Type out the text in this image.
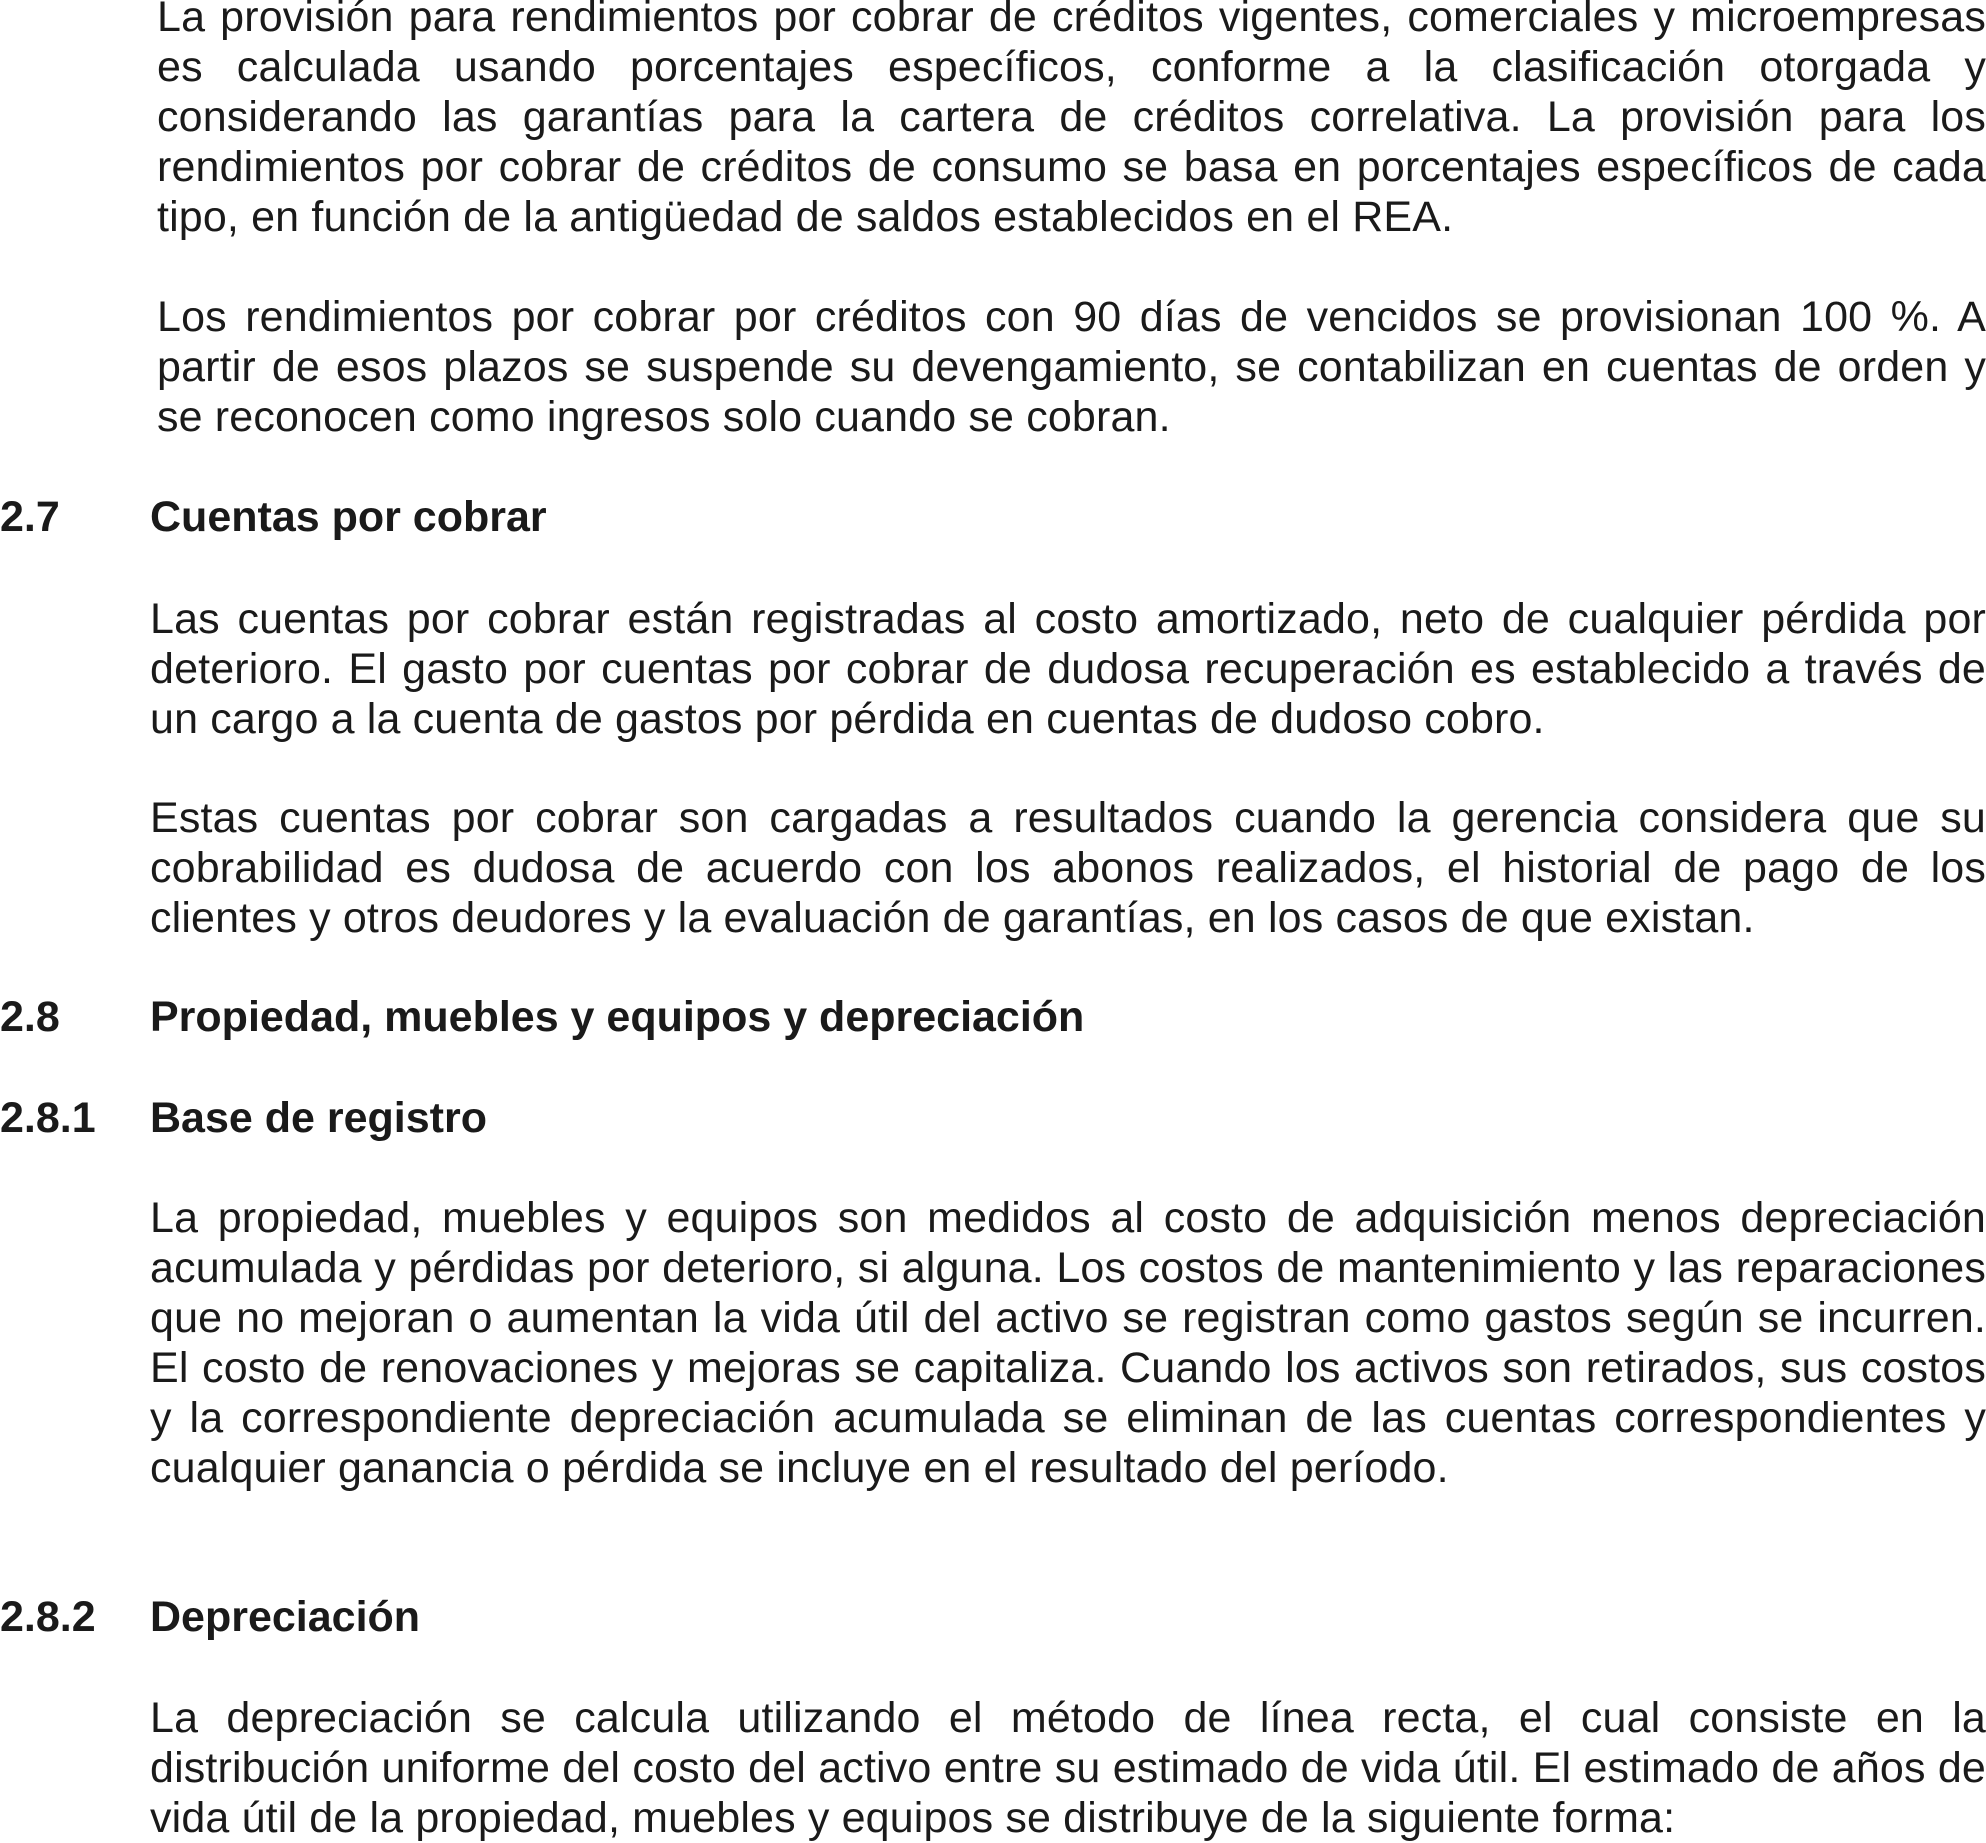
La provisión para rendimientos por cobrar de créditos vigentes, comerciales y microempresas es calculada usando porcentajes específicos, conforme a la clasificación otorgada y considerando las garantías para la cartera de créditos correlativa. La provisión para los rendimientos por cobrar de créditos de consumo se basa en porcentajes específicos de cada tipo, en función de la antigüedad de saldos establecidos en el REA.

Los rendimientos por cobrar por créditos con 90 días de vencidos se provisionan 100 %. A partir de esos plazos se suspende su devengamiento, se contabilizan en cuentas de orden y se reconocen como ingresos solo cuando se cobran.

2.7 Cuentas por cobrar

Las cuentas por cobrar están registradas al costo amortizado, neto de cualquier pérdida por deterioro. El gasto por cuentas por cobrar de dudosa recuperación es establecido a través de un cargo a la cuenta de gastos por pérdida en cuentas de dudoso cobro.

Estas cuentas por cobrar son cargadas a resultados cuando la gerencia considera que su cobrabilidad es dudosa de acuerdo con los abonos realizados, el historial de pago de los clientes y otros deudores y la evaluación de garantías, en los casos de que existan.

2.8 Propiedad, muebles y equipos y depreciación
2.8.1 Base de registro

La propiedad, muebles y equipos son medidos al costo de adquisición menos depreciación acumulada y pérdidas por deterioro, si alguna. Los costos de mantenimiento y las reparaciones que no mejoran o aumentan la vida útil del activo se registran como gastos según se incurren. El costo de renovaciones y mejoras se capitaliza. Cuando los activos son retirados, sus costos y la correspondiente depreciación acumulada se eliminan de las cuentas correspondientes y cualquier ganancia o pérdida se incluye en el resultado del período.

2.8.2 Depreciación

La depreciación se calcula utilizando el método de línea recta, el cual consiste en la distribución uniforme del costo del activo entre su estimado de vida útil. El estimado de años de vida útil de la propiedad, muebles y equipos se distribuye de la siguiente forma:
